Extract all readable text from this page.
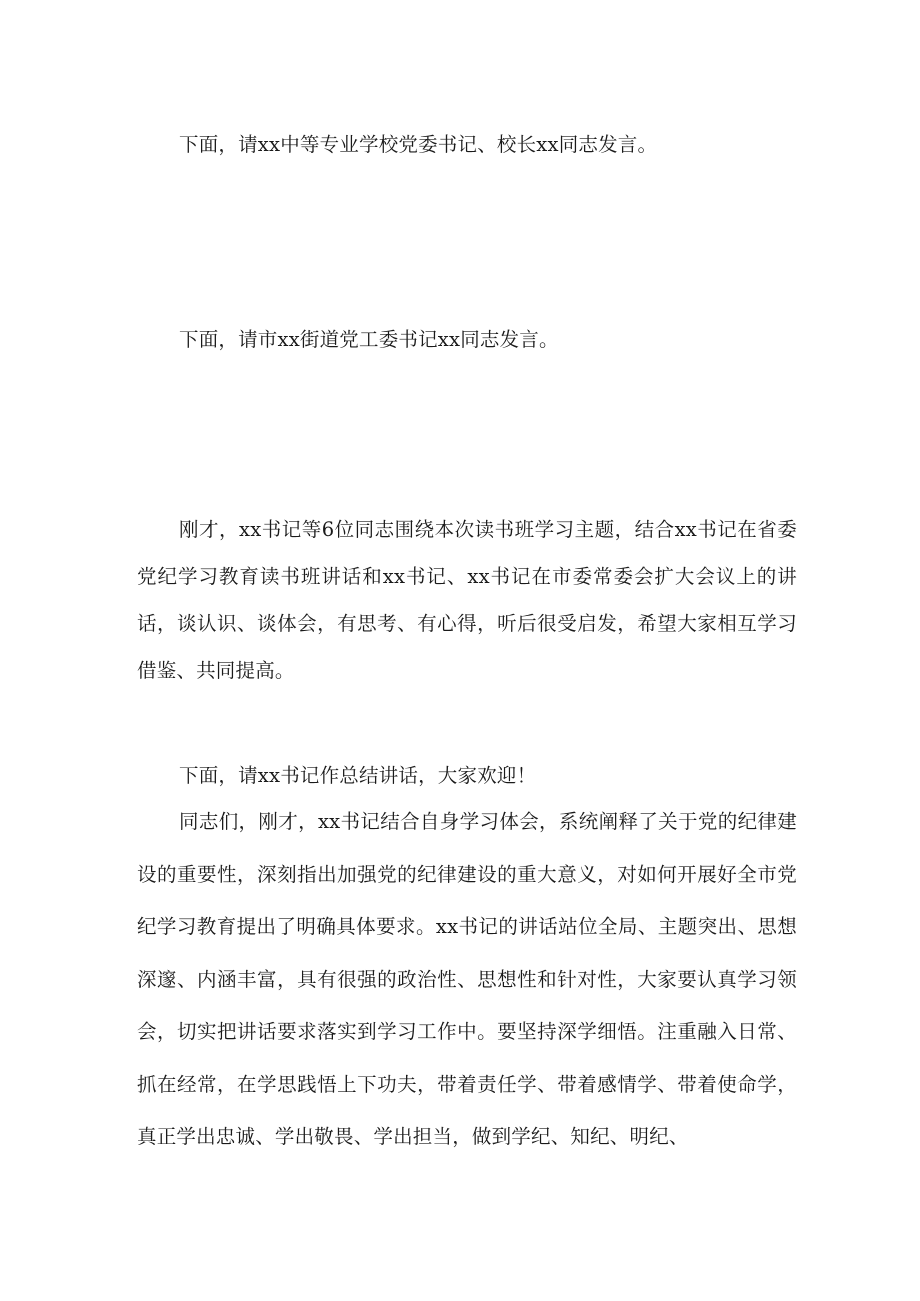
下面，请xx中等专业学校党委书记、校长xx同志发言。

下面，请市xx街道党工委书记xx同志发言。

刚才，xx书记等6位同志围绕本次读书班学习主题，结合xx书记在省委党纪学习教育读书班讲话和xx书记、xx书记在市委常委会扩大会议上的讲话，谈认识、谈体会，有思考、有心得，听后很受启发，希望大家相互学习借鉴、共同提高。

下面，请xx书记作总结讲话，大家欢迎！

同志们，刚才，xx书记结合自身学习体会，系统阐释了关于党的纪律建设的重要性，深刻指出加强党的纪律建设的重大意义，对如何开展好全市党纪学习教育提出了明确具体要求。xx书记的讲话站位全局、主题突出、思想深邃、内涵丰富，具有很强的政治性、思想性和针对性，大家要认真学习领会，切实把讲话要求落实到学习工作中。要坚持深学细悟。注重融入日常、抓在经常，在学思践悟上下功夫，带着责任学、带着感情学、带着使命学，真正学出忠诚、学出敬畏、学出担当，做到学纪、知纪、明纪、
